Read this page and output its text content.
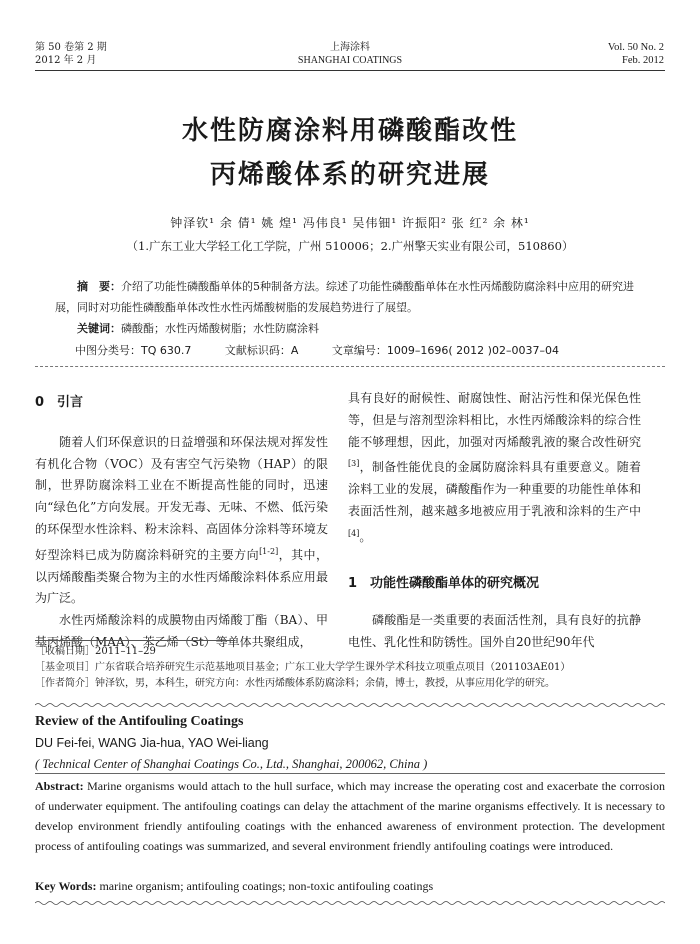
第 50 卷第 2 期
2012 年 2 月
上海涂料
SHANGHAI COATINGS
Vol. 50 No. 2
Feb. 2012
水性防腐涂料用磷酸酯改性
丙烯酸体系的研究进展
钟泽钦¹ 余 倩¹ 姚 煌¹ 冯伟良¹ 吴伟钿¹ 许振阳² 张 红² 余 林¹
（1.广东工业大学轻工化工学院，广州 510006；2.广州擎天实业有限公司，510860）
摘　要：介绍了功能性磷酸酯单体的5种制备方法。综述了功能性磷酸酯单体在水性丙烯酸防腐涂料中应用的研究进展，同时对功能性磷酸酯单体改性水性丙烯酸树脂的发展趋势进行了展望。
关键词：磷酸酯；水性丙烯酸树脂；水性防腐涂料
中图分类号：TQ 630.7	文献标识码：A	文章编号：1009–1696( 2012 )02–0037–04
0　引言

随着人们环保意识的日益增强和环保法规对挥发性有机化合物（VOC）及有害空气污染物（HAP）的限制，世界防腐涂料工业在不断提高性能的同时，迅速向“绿色化”方向发展。开发无毒、无味、不燃、低污染的环保型水性涂料、粉末涂料、高固体分涂料等环境友好型涂料已成为防腐涂料研究的主要方向[1-2]，其中，以丙烯酸酯类聚合物为主的水性丙烯酸涂料体系应用最为广泛。

水性丙烯酸涂料的成膜物由丙烯酸丁酯（BA）、甲基丙烯酸（MAA）、苯乙烯（St）等单体共聚组成，

具有良好的耐候性、耐腐蚀性、耐沾污性和保光保色性等，但是与溶剂型涂料相比，水性丙烯酸涂料的综合性能不够理想，因此，加强对丙烯酸乳液的聚合改性研究[3]，制备性能优良的金属防腐涂料具有重要意义。随着涂料工业的发展，磷酸酯作为一种重要的功能性单体和表面活性剂，越来越多地被应用于乳液和涂料的生产中[4]。

1　功能性磷酸酯单体的研究概况

磷酸酯是一类重要的表面活性剂，具有良好的抗静电性、乳化性和防锈性。国外自20世纪90年代

［收稿日期］2011–11–29
［基金项目］广东省联合培养研究生示范基地项目基金；广东工业大学学生课外学术科技立项重点项目（201103AE01）
［作者简介］钟泽钦，男，本科生，研究方向：水性丙烯酸体系防腐涂料；余倩，博士，教授，从事应用化学的研究。
Review of the Antifouling Coatings
DU Fei-fei, WANG Jia-hua, YAO Wei-liang
( Technical Center of Shanghai Coatings Co., Ltd., Shanghai, 200062, China )
Abstract: Marine organisms would attach to the hull surface, which may increase the operating cost and exacerbate the corrosion of underwater equipment. The antifouling coatings can delay the attachment of the marine organisms effectively. It is necessary to develop environment friendly antifouling coatings with the enhanced awareness of environment protection. The development process of antifouling coatings was summarized, and several environment friendly antifouling coatings were introduced.
Key Words: marine organism; antifouling coatings; non-toxic antifouling coatings
